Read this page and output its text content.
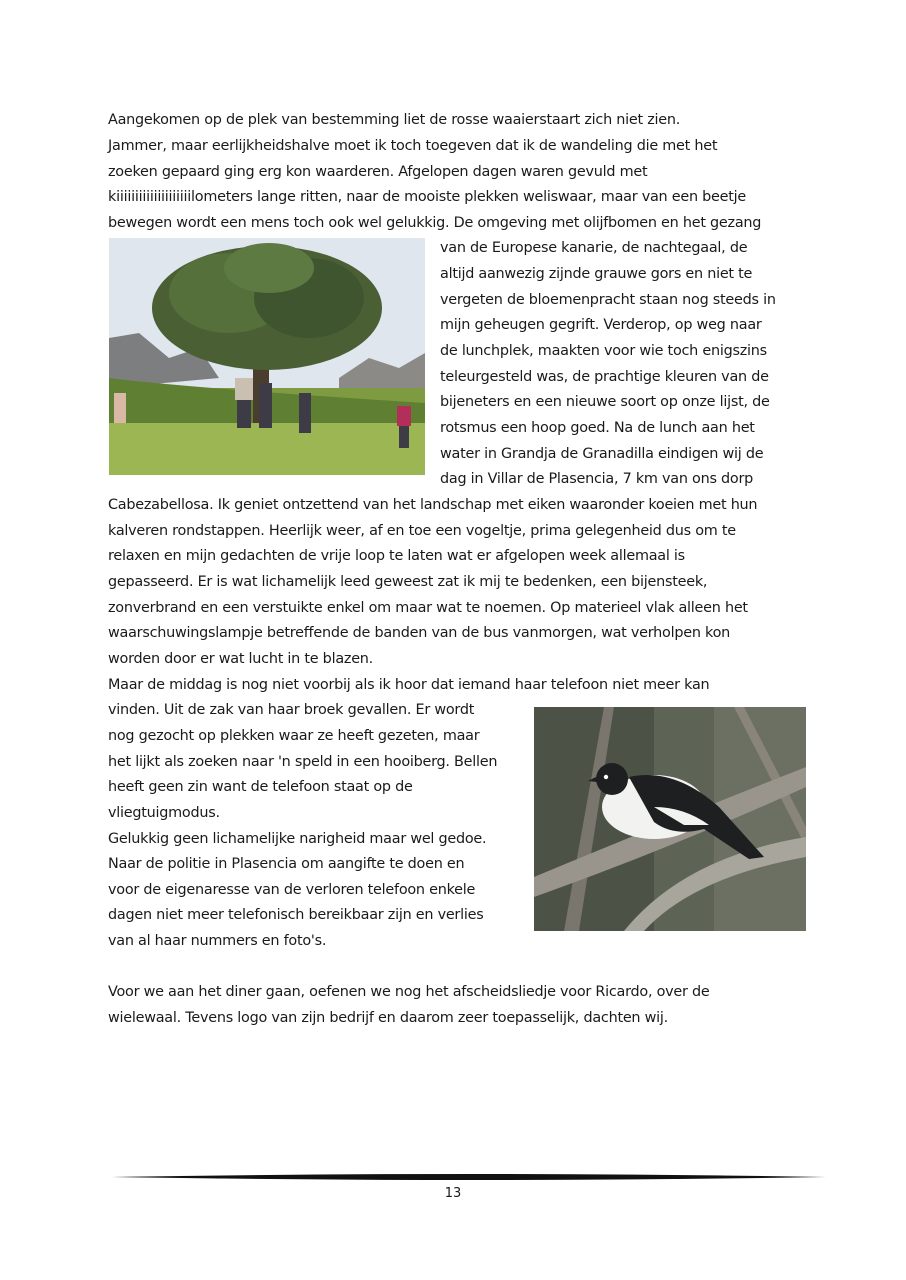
Aangekomen op de plek van bestemming liet de rosse waaierstaart zich niet zien.

Jammer, maar eerlijkheidshalve moet ik toch toegeven dat ik de wandeling die met het

zoeken gepaard ging erg kon waarderen. Afgelopen dagen waren gevuld met

kiiiiiiiiiiiiiiiiiiiilometers lange ritten, naar de mooiste plekken weliswaar, maar van een beetje

bewegen wordt een mens toch ook wel gelukkig. De omgeving met olijfbomen en het gezang

van de Europese kanarie, de nachtegaal, de

altijd aanwezig zijnde grauwe gors en niet te

vergeten de bloemenpracht staan nog steeds in

mijn geheugen gegrift. Verderop, op weg naar

de lunchplek, maakten voor wie toch enigszins

teleurgesteld was, de prachtige kleuren van de

bijeneters en een nieuwe soort op onze lijst, de

rotsmus een hoop goed. Na de lunch aan het

water in Grandja de Granadilla eindigen wij de

dag in Villar de Plasencia, 7 km van ons dorp

Cabezabellosa. Ik geniet ontzettend van het landschap met eiken waaronder koeien met hun

kalveren rondstappen. Heerlijk weer, af en toe een vogeltje, prima gelegenheid dus om te

relaxen en mijn gedachten de vrije loop te laten wat er afgelopen week allemaal is

gepasseerd. Er is wat lichamelijk leed geweest zat ik mij te bedenken, een bijensteek,

zonverbrand en een verstuikte enkel om maar wat te noemen. Op materieel vlak alleen het

waarschuwingslampje betreffende de banden van de bus vanmorgen, wat verholpen kon

worden door er wat lucht in te blazen.

Maar de middag is nog niet voorbij als ik hoor dat iemand haar telefoon niet meer kan

vinden. Uit de zak van haar broek gevallen. Er wordt

nog gezocht op plekken waar ze heeft gezeten, maar

het lijkt als zoeken naar 'n speld in een hooiberg. Bellen

heeft geen zin want de telefoon staat op de

vliegtuigmodus.

Gelukkig geen lichamelijke narigheid maar wel gedoe.

Naar de politie in Plasencia om aangifte te doen en

voor de eigenaresse van de verloren telefoon enkele

dagen niet meer telefonisch bereikbaar zijn en verlies

van al haar nummers en foto's.

Voor we aan het diner gaan, oefenen we nog het afscheidsliedje voor Ricardo, over de

wielewaal. Tevens logo van zijn bedrijf en daarom zeer toepasselijk, dachten wij.

13
